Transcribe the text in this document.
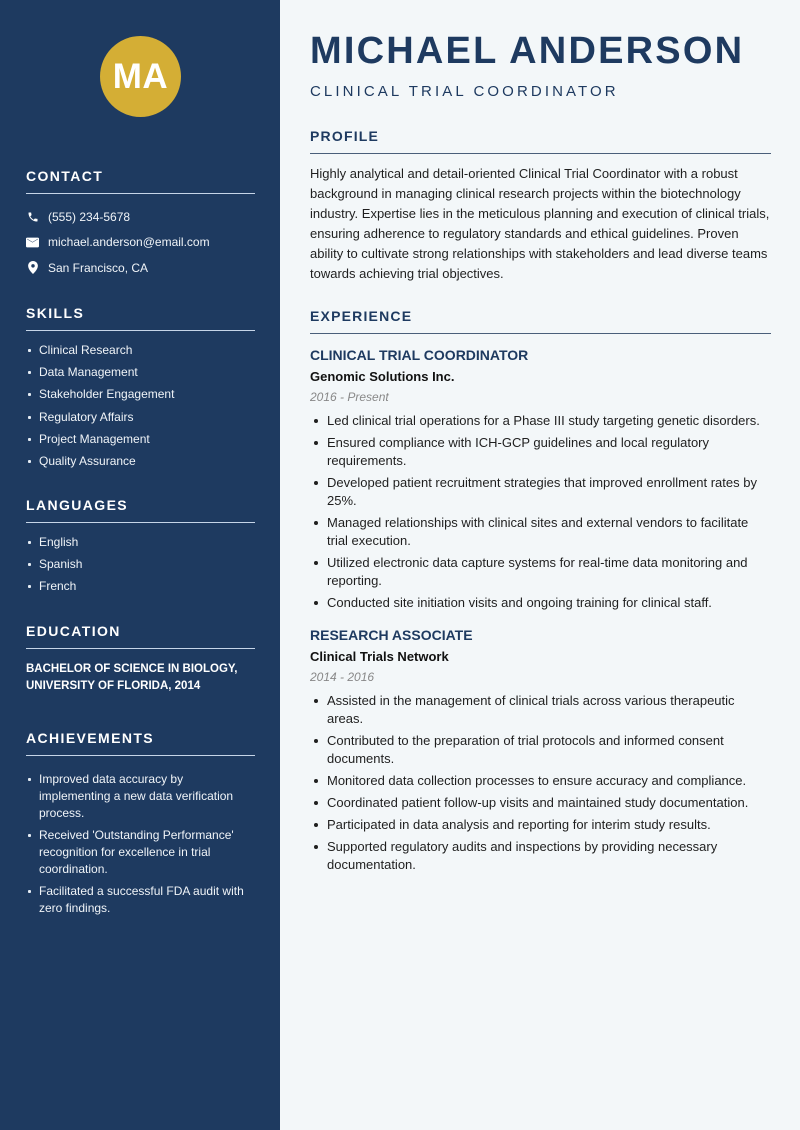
MA
CONTACT
(555) 234-5678
michael.anderson@email.com
San Francisco, CA
SKILLS
Clinical Research
Data Management
Stakeholder Engagement
Regulatory Affairs
Project Management
Quality Assurance
LANGUAGES
English
Spanish
French
EDUCATION
BACHELOR OF SCIENCE IN BIOLOGY,
UNIVERSITY OF FLORIDA, 2014
ACHIEVEMENTS
Improved data accuracy by implementing a new data verification process.
Received 'Outstanding Performance' recognition for excellence in trial coordination.
Facilitated a successful FDA audit with zero findings.
MICHAEL ANDERSON
CLINICAL TRIAL COORDINATOR
PROFILE

Highly analytical and detail-oriented Clinical Trial Coordinator with a robust background in managing clinical research projects within the biotechnology industry. Expertise lies in the meticulous planning and execution of clinical trials, ensuring adherence to regulatory standards and ethical guidelines. Proven ability to cultivate strong relationships with stakeholders and lead diverse teams towards achieving trial objectives.

EXPERIENCE
CLINICAL TRIAL COORDINATOR
Genomic Solutions Inc.
2016 - Present
Led clinical trial operations for a Phase III study targeting genetic disorders.
Ensured compliance with ICH-GCP guidelines and local regulatory requirements.
Developed patient recruitment strategies that improved enrollment rates by 25%.
Managed relationships with clinical sites and external vendors to facilitate trial execution.
Utilized electronic data capture systems for real-time data monitoring and reporting.
Conducted site initiation visits and ongoing training for clinical staff.
RESEARCH ASSOCIATE
Clinical Trials Network
2014 - 2016
Assisted in the management of clinical trials across various therapeutic areas.
Contributed to the preparation of trial protocols and informed consent documents.
Monitored data collection processes to ensure accuracy and compliance.
Coordinated patient follow-up visits and maintained study documentation.
Participated in data analysis and reporting for interim study results.
Supported regulatory audits and inspections by providing necessary documentation.
